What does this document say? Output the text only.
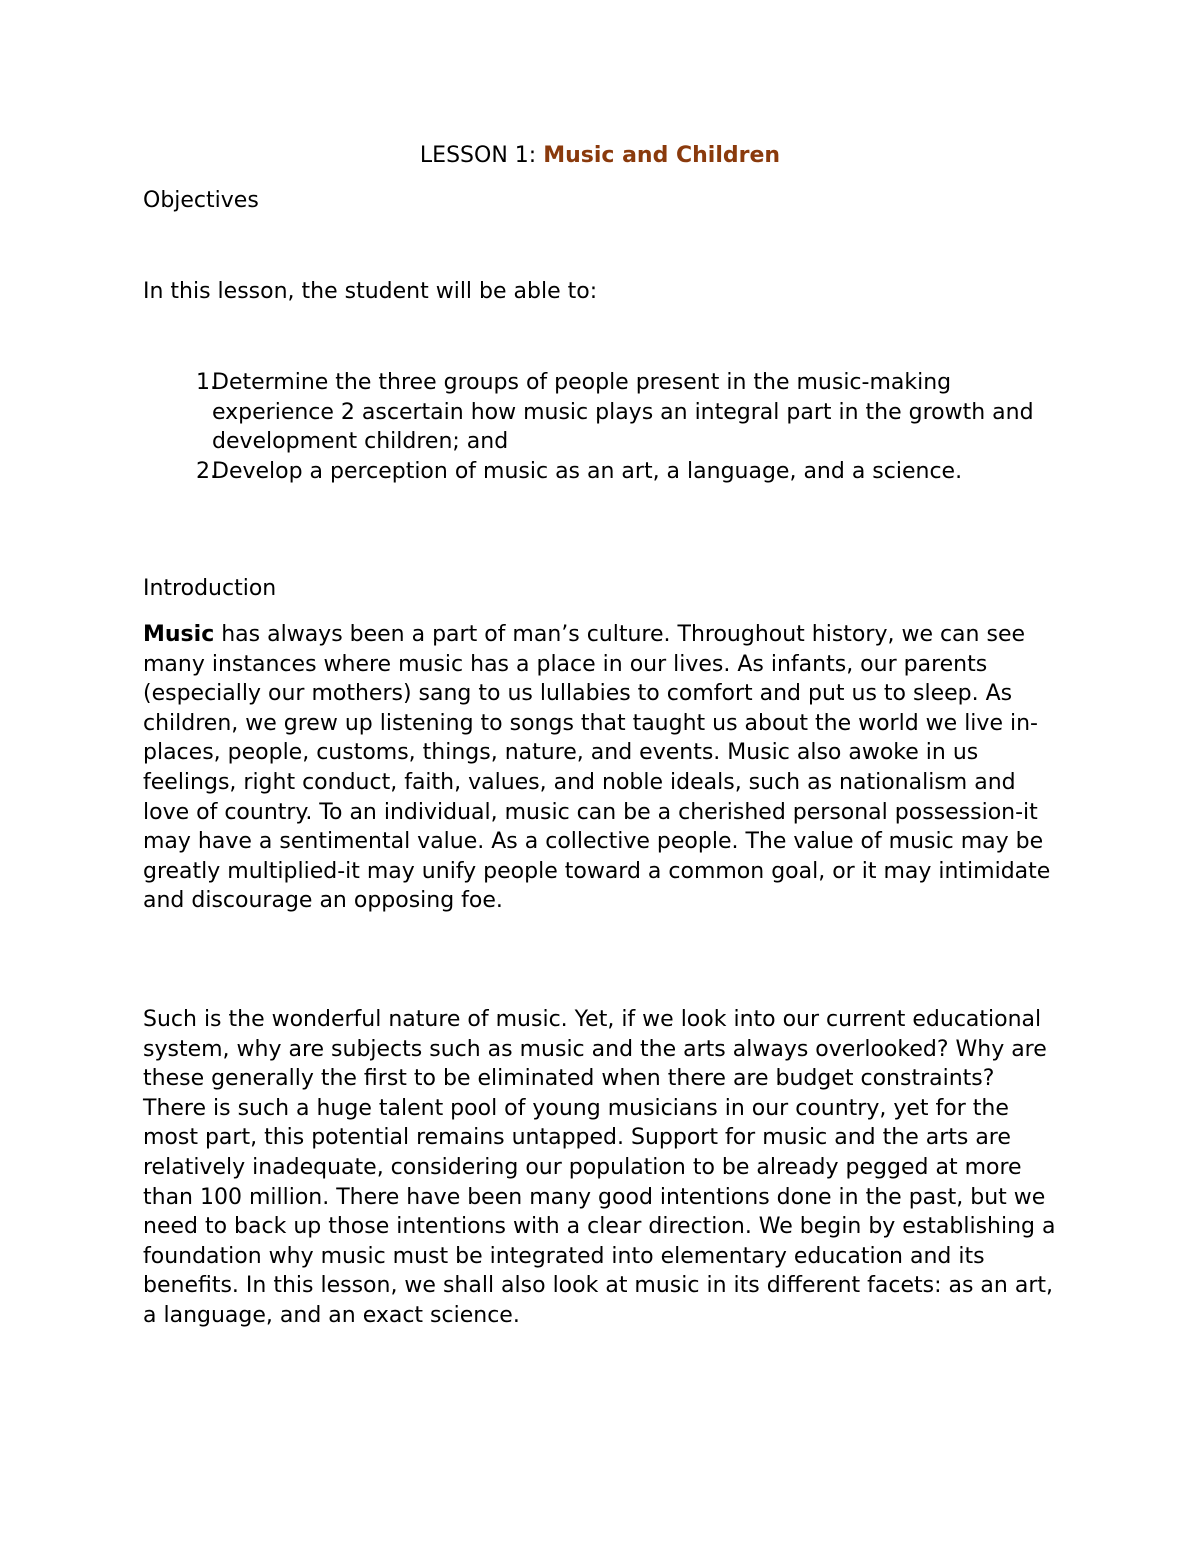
LESSON 1: Music and Children
Objectives
In this lesson, the student will be able to:
1.
Determine the three groups of people present in the music-making experience 2 ascertain how music plays an integral part in the growth and development children; and
2.
Develop a perception of music as an art, a language, and a science.
Introduction

Music has always been a part of man’s culture. Throughout history, we can see many instances where music has a place in our lives. As infants, our parents (especially our mothers) sang to us lullabies to comfort and put us to sleep. As children, we grew up listening to songs that taught us about the world we live in-places, people, customs, things, nature, and events. Music also awoke in us feelings, right conduct, faith, values, and noble ideals, such as nationalism and love of country. To an individual, music can be a cherished personal possession-it may have a sentimental value. As a collective people. The value of music may be greatly multiplied-it may unify people toward a common goal, or it may intimidate and discourage an opposing foe.

Such is the wonderful nature of music. Yet, if we look into our current educational system, why are subjects such as music and the arts always overlooked? Why are these generally the first to be eliminated when there are budget constraints? There is such a huge talent pool of young musicians in our country, yet for the most part, this potential remains untapped. Support for music and the arts are relatively inadequate, considering our population to be already pegged at more than 100 million. There have been many good intentions done in the past, but we need to back up those intentions with a clear direction. We begin by establishing a foundation why music must be integrated into elementary education and its benefits. In this lesson, we shall also look at music in its different facets: as an art, a language, and an exact science.
